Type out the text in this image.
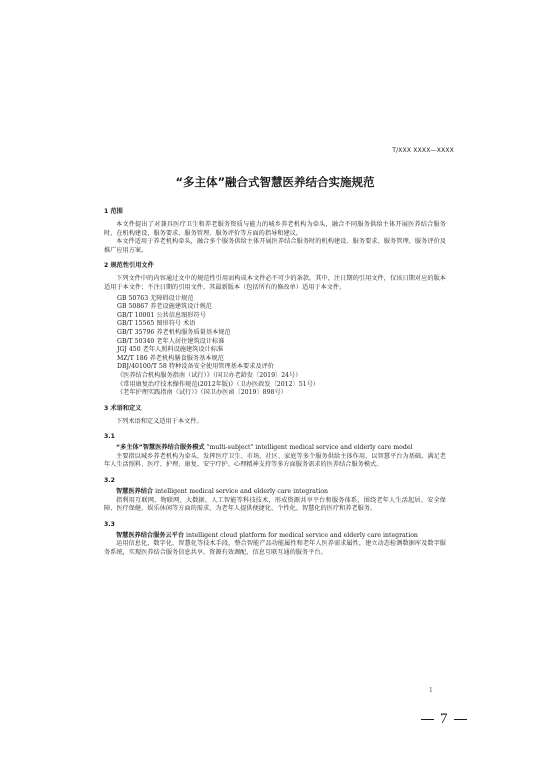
T/XXX XXXX—XXXX
“多主体”融合式智慧医养结合实施规范
1 范围

本文件提出了对兼具医疗卫生和养老服务资质与能力的城乡养老机构为牵头，融合不同服务供给主体开展医养结合服务时，在机构建设、服务要求、服务管理、服务评价等方面的指导和建议。

本文件适用于养老机构牵头，融合多个服务供给主体开展医养结合服务时的机构建设、服务要求、服务管理、服务评价及推广应用方案。

2 规范性引用文件

下列文件中的内容通过文中的规范性引用而构成本文件必不可少的条款。其中，注日期的引用文件，仅该日期对应的版本适用于本文件；不注日期的引用文件，其最新版本（包括所有的修改单）适用于本文件。

GB 50763 无障碍设计规范
GB 50867 养老设施建筑设计规范
GB/T 10001 公共信息图形符号
GB/T 15565 图形符号 术语
GB/T 35796 养老机构服务质量基本规范
GB/T 50340 老年人居住建筑设计标准
JGJ 450 老年人照料设施建筑设计标准
MZ/T 186 养老机构膳食服务基本规范
DBJ/40100/T 58 特种设备安全使用管理基本要求及评价
《医养结合机构服务指南（试行）》（国卫办老龄发〔2019〕24号）
《常用康复治疗技术操作规范(2012年版)》（卫办医政发〔2012〕51号）
《老年护理实践指南（试行）》（国卫办医函〔2019〕898号）
3 术语和定义

下列术语和定义适用于本文件。

3.1

“多主体”智慧医养结合服务模式 "multi-subject" intelligent medical service and elderly care model

主要指以城乡养老机构为牵头，发挥医疗卫生、市场、社区、家庭等多个服务供给主体作用，以智慧平台为基础，满足老年人生活照料、医疗、护理、康复、安宁疗护、心理精神支持等多方面服务需求的医养结合服务模式。

3.2

智慧医养结合 intelligent medical service and elderly care integration

指利用互联网、物联网、大数据、人工智能等科技技术，形成资源共享平台和服务体系，围绕老年人生活起居、安全保障、医疗保健、娱乐休闲等方面的需求，为老年人提供便捷化、个性化、智慧化的医疗和养老服务。

3.3

智慧医养结合服务云平台 intelligent cloud platform for medical service and elderly care integration

运用信息化、数字化、智慧化等技术手段，整合智能产品功能属性和老年人医养需求属性，建立动态检测数据库及数字服务系统，实现医养结合服务信息共享、资源有效调配、信息互联互通的服务平台。

1
7
